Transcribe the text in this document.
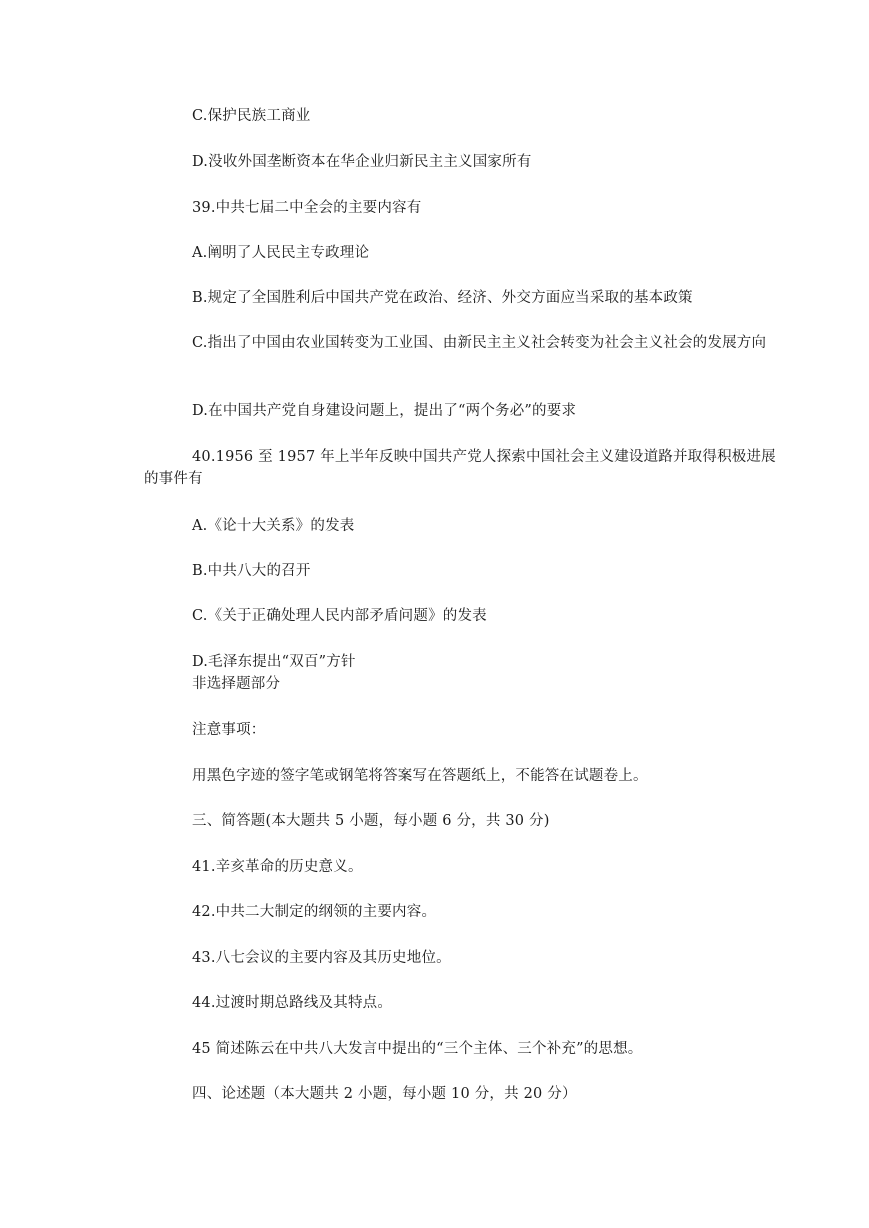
C.保护民族工商业
D.没收外国垄断资本在华企业归新民主主义国家所有
39.中共七届二中全会的主要内容有
A.阐明了人民民主专政理论
B.规定了全国胜利后中国共产党在政治、经济、外交方面应当采取的基本政策
C.指出了中国由农业国转变为工业国、由新民主主义社会转变为社会主义社会的发展方向
D.在中国共产党自身建设问题上，提出了“两个务必”的要求
40.1956 至 1957 年上半年反映中国共产党人探索中国社会主义建设道路并取得积极进展的事件有
A.《论十大关系》的发表
B.中共八大的召开
C.《关于正确处理人民内部矛盾问题》的发表
D.毛泽东提出“双百”方针
非选择题部分
注意事项：
用黑色字迹的签字笔或钢笔将答案写在答题纸上，不能答在试题卷上。
三、简答题(本大题共 5 小题，每小题 6 分，共 30 分)
41.辛亥革命的历史意义。
42.中共二大制定的纲领的主要内容。
43.八七会议的主要内容及其历史地位。
44.过渡时期总路线及其特点。
45 简述陈云在中共八大发言中提出的“三个主体、三个补充”的思想。
四、论述题（本大题共 2 小题，每小题 10 分，共 20 分）
